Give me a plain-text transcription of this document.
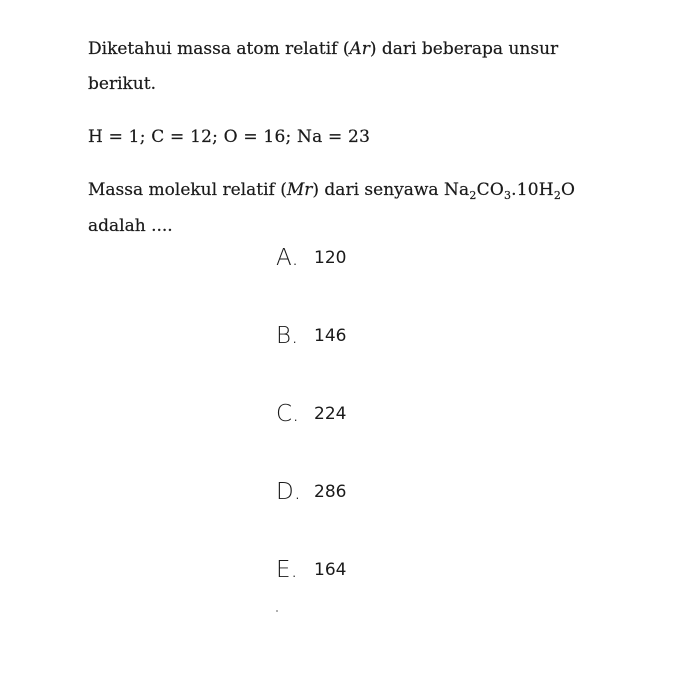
Diketahui massa atom relatif (Ar) dari beberapa unsur
berikut.
H = 1; C = 12; O = 16; Na = 23
Massa molekul relatif (Mr) dari senyawa $Na_2CO_3.10H_2O$
adalah ....
A. 120
B. 146
C. 224
D. 286
E. 164
